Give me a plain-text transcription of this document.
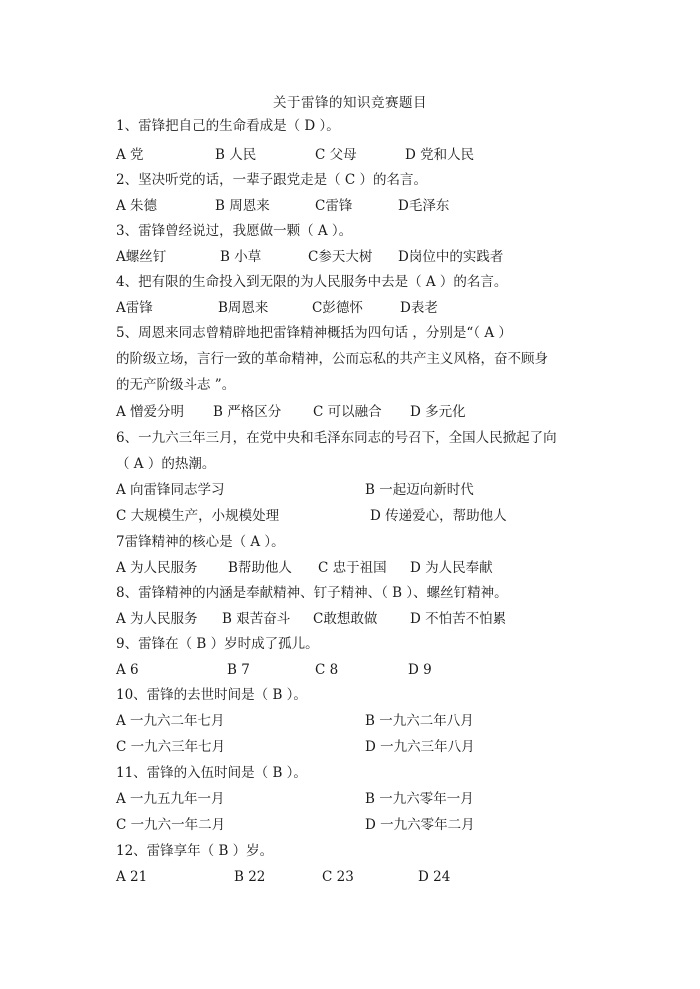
关于雷锋的知识竞赛题目
1、雷锋把自己的生命看成是（ D ）。
A 党	B 人民	C 父母	D 党和人民
2、坚决听党的话，一辈子跟党走是（ C ）的名言。
A 朱德	B 周恩来	C雷锋	D毛泽东
3、雷锋曾经说过，我愿做一颗（ A ）。
A螺丝钉	B 小草	C参天大树 D岗位中的实践者
4、把有限的生命投入到无限的为人民服务中去是（ A ）的名言。
A雷锋	B周恩来	C彭德怀	D表老
5、周恩来同志曾精辟地把雷锋精神概括为四句话 ，分别是“（ A ）
的阶级立场，言行一致的革命精神，公而忘私的共产主义风格，奋不顾身
的无产阶级斗志 ”。
A 憎爱分明 B 严格区分 C 可以融合 D 多元化
6、一九六三年三月，在党中央和毛泽东同志的号召下，全国人民掀起了向
（ A ）的热潮。
A 向雷锋同志学习	B 一起迈向新时代
C 大规模生产，小规模处理	D 传递爱心，帮助他人
7雷锋精神的核心是（ A ）。
A 为人民服务 B帮助他人 C 忠于祖国 D 为人民奉献
8、雷锋精神的内涵是奉献精神、钉子精神、（ B ）、螺丝钉精神。
A 为人民服务 B 艰苦奋斗 C敢想敢做 D 不怕苦不怕累
9、雷锋在（ B ）岁时成了孤儿。
A 6	B 7	C 8	D 9
10、雷锋的去世时间是（ B ）。
A 一九六二年七月	B 一九六二年八月
C 一九六三年七月	D 一九六三年八月
11、雷锋的入伍时间是（ B ）。
A 一九五九年一月	B 一九六零年一月
C 一九六一年二月	D 一九六零年二月
12、雷锋享年（ B ）岁。
A 21	B 22	C 23	D 24
